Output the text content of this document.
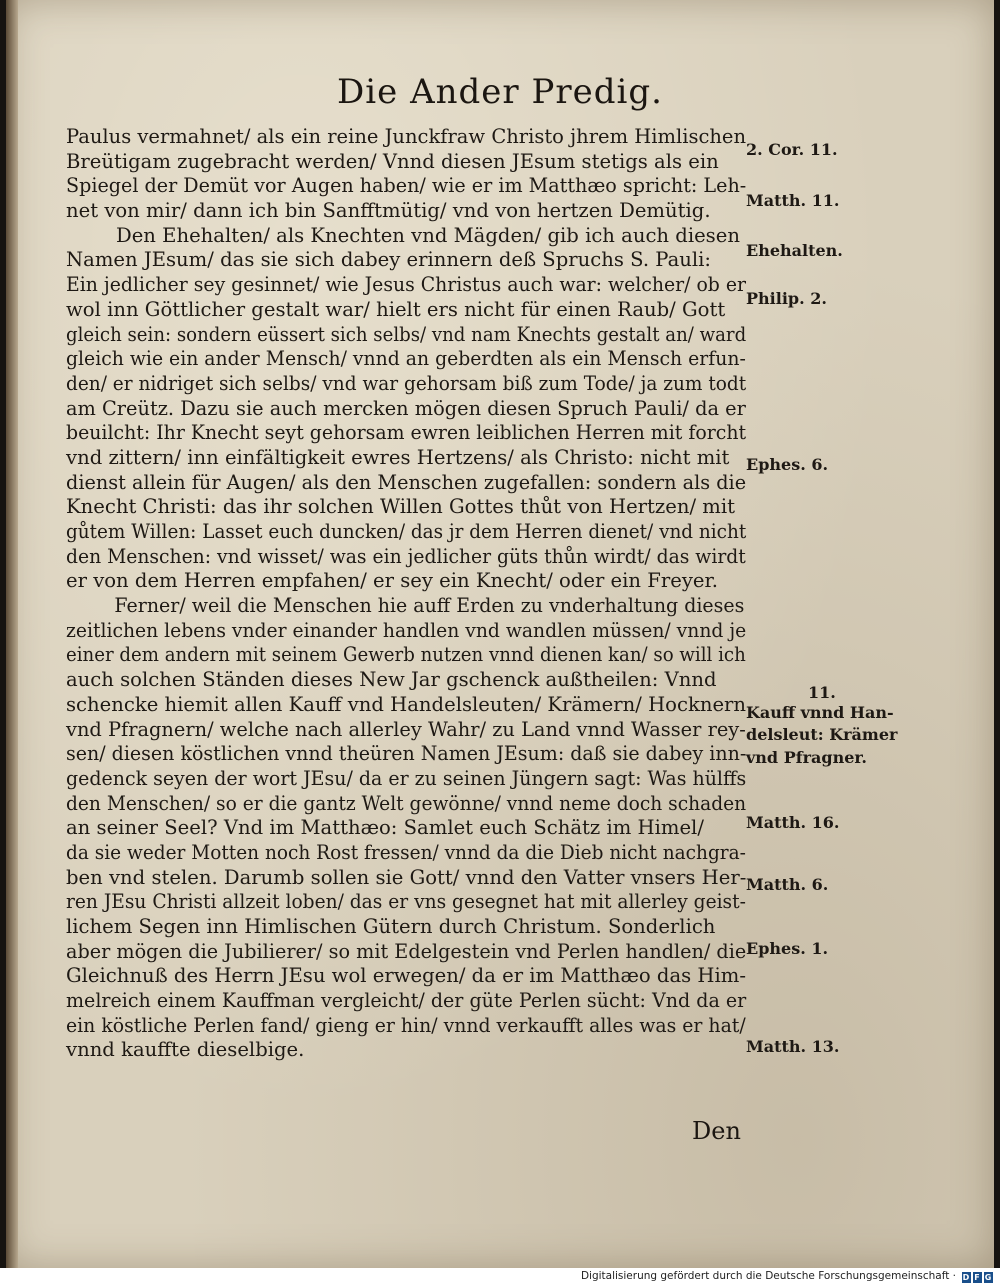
Die Ander Predig.
Paulus vermahnet/ als ein reine Junckfraw Christo jhrem Himlischen
Breütigam zugebracht werden/ Vnnd diesen JEsum stetigs als ein
Spiegel der Demüt vor Augen haben/ wie er im Matthæo spricht: Leh-
net von mir/ dann ich bin Sanfftmütig/ vnd von hertzen Demütig.
Den Ehehalten/ als Knechten vnd Mägden/ gib ich auch diesen
Namen JEsum/ das sie sich dabey erinnern deß Spruchs S. Pauli:
Ein jedlicher sey gesinnet/ wie Jesus Christus auch war: welcher/ ob er
wol inn Göttlicher gestalt war/ hielt ers nicht für einen Raub/ Gott
gleich sein: sondern eüssert sich selbs/ vnd nam Knechts gestalt an/ ward
gleich wie ein ander Mensch/ vnnd an geberdten als ein Mensch erfun-
den/ er nidriget sich selbs/ vnd war gehorsam biß zum Tode/ ja zum todt
am Creütz. Dazu sie auch mercken mögen diesen Spruch Pauli/ da er
beuilcht: Ihr Knecht seyt gehorsam ewren leiblichen Herren mit forcht
vnd zittern/ inn einfältigkeit ewres Hertzens/ als Christo: nicht mit
dienst allein für Augen/ als den Menschen zugefallen: sondern als die
Knecht Christi: das ihr solchen Willen Gottes thůt von Hertzen/ mit
gůtem Willen: Lasset euch duncken/ das jr dem Herren dienet/ vnd nicht
den Menschen: vnd wisset/ was ein jedlicher güts thůn wirdt/ das wirdt
er von dem Herren empfahen/ er sey ein Knecht/ oder ein Freyer.
Ferner/ weil die Menschen hie auff Erden zu vnderhaltung dieses
zeitlichen lebens vnder einander handlen vnd wandlen müssen/ vnnd je
einer dem andern mit seinem Gewerb nutzen vnnd dienen kan/ so will ich
auch solchen Ständen dieses New Jar gschenck außtheilen: Vnnd
schencke hiemit allen Kauff vnd Handelsleuten/ Krämern/ Hocknern
vnd Pfragnern/ welche nach allerley Wahr/ zu Land vnnd Wasser rey-
sen/ diesen köstlichen vnnd theüren Namen JEsum: daß sie dabey inn-
gedenck seyen der wort JEsu/ da er zu seinen Jüngern sagt: Was hülffs
den Menschen/ so er die gantz Welt gewönne/ vnnd neme doch schaden
an seiner Seel? Vnd im Matthæo: Samlet euch Schätz im Himel/
da sie weder Motten noch Rost fressen/ vnnd da die Dieb nicht nachgra-
ben vnd stelen. Darumb sollen sie Gott/ vnnd den Vatter vnsers Her-
ren JEsu Christi allzeit loben/ das er vns gesegnet hat mit allerley geist-
lichem Segen inn Himlischen Gütern durch Christum. Sonderlich
aber mögen die Jubilierer/ so mit Edelgestein vnd Perlen handlen/ die
Gleichnuß des Herrn JEsu wol erwegen/ da er im Matthæo das Him-
melreich einem Kauffman vergleicht/ der güte Perlen sücht: Vnd da er
ein köstliche Perlen fand/ gieng er hin/ vnnd verkaufft alles was er hat/
vnnd kauffte dieselbige.
2. Cor. 11.
Matth. 11.
Ehehalten.
Philip. 2.
Ephes. 6.
11.
Kauff vnnd Han-
delsleut: Krämer
vnd Pfragner.
Matth. 16.
Matth. 6.
Ephes. 1.
Matth. 13.
Den
Digitalisierung gefördert durch die Deutsche Forschungsgemeinschaft · D F G
